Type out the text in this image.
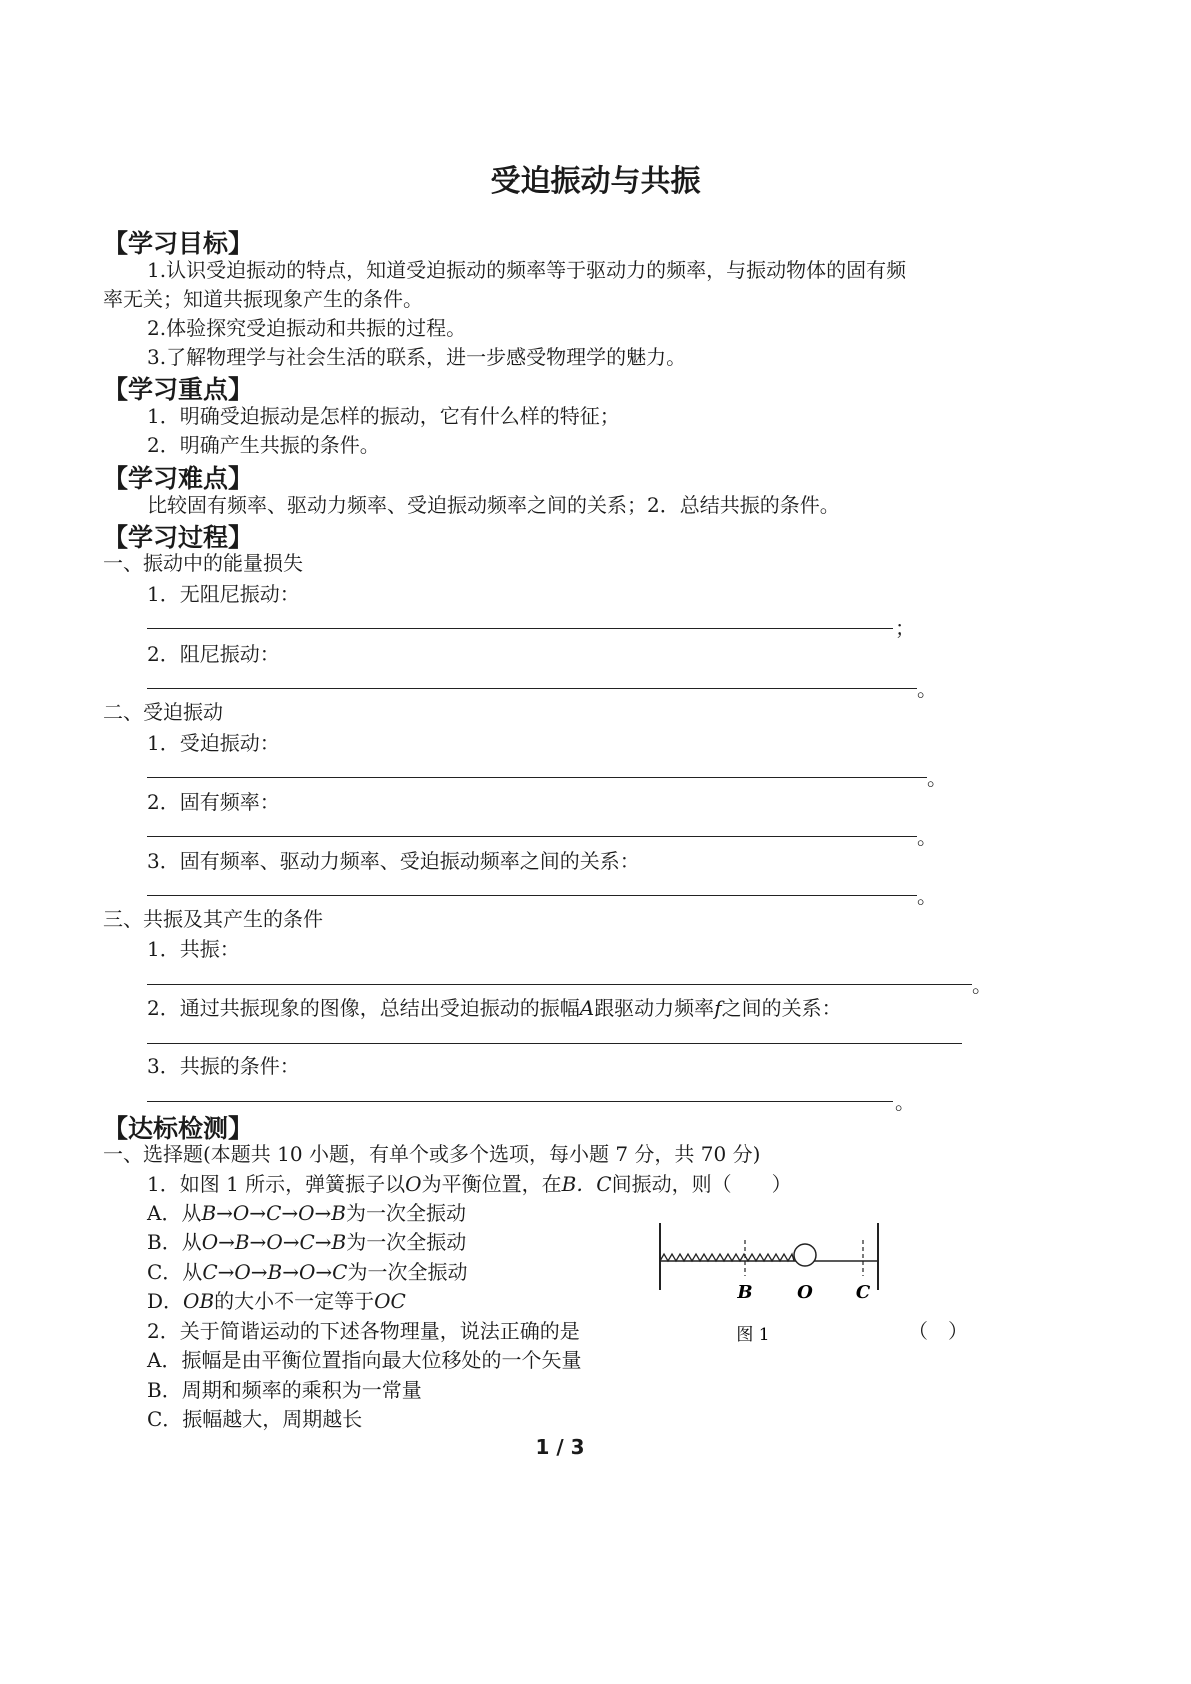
受迫振动与共振
【学习目标】
1.认识受迫振动的特点，知道受迫振动的频率等于驱动力的频率，与振动物体的固有频
率无关；知道共振现象产生的条件。
2.体验探究受迫振动和共振的过程。
3.了解物理学与社会生活的联系，进一步感受物理学的魅力。
【学习重点】
1．明确受迫振动是怎样的振动，它有什么样的特征；
2．明确产生共振的条件。
【学习难点】
比较固有频率、驱动力频率、受迫振动频率之间的关系；2．总结共振的条件。
【学习过程】
一、振动中的能量损失
1．无阻尼振动：
；
2．阻尼振动：
。
二、受迫振动
1．受迫振动：
。
2．固有频率：
。
3．固有频率、驱动力频率、受迫振动频率之间的关系：
。
三、共振及其产生的条件
1．共振：
。
2．通过共振现象的图像，总结出受迫振动的振幅A跟驱动力频率f之间的关系：
3．共振的条件：
。
【达标检测】
一、选择题(本题共 10 小题，有单个或多个选项，每小题 7 分，共 70 分)
1．如图 1 所示，弹簧振子以O为平衡位置，在B．C间振动，则（　　）
A．从B→O→C→O→B为一次全振动
B．从O→B→O→C→B为一次全振动
C．从C→O→B→O→C为一次全振动
D．OB的大小不一定等于OC
2．关于简谐运动的下述各物理量，说法正确的是	（　）
A．振幅是由平衡位置指向最大位移处的一个矢量
B．周期和频率的乘积为一常量
C．振幅越大，周期越长
B O C
图 1
1 / 3
